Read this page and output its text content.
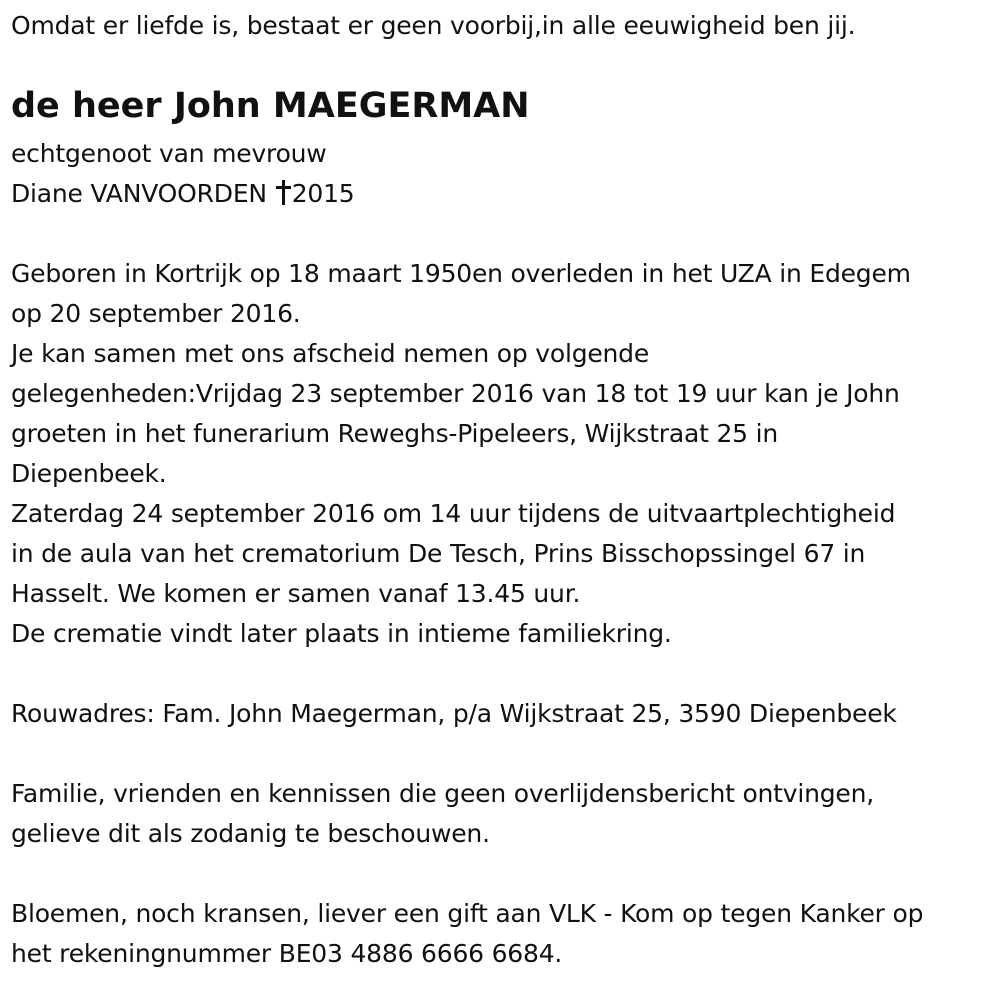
Omdat er liefde is, bestaat er geen voorbij,in alle eeuwigheid ben jij.
de heer John MAEGERMAN
echtgenoot van mevrouw
Diane VANVOORDEN 2015
Geboren in Kortrijk op 18 maart 1950en overleden in het UZA in Edegem
op 20 september 2016.
Je kan samen met ons afscheid nemen op volgende
gelegenheden:Vrijdag 23 september 2016 van 18 tot 19 uur kan je John
groeten in het funerarium Reweghs-Pipeleers, Wijkstraat 25 in
Diepenbeek.
Zaterdag 24 september 2016 om 14 uur tijdens de uitvaartplechtigheid
in de aula van het crematorium De Tesch, Prins Bisschopssingel 67 in
Hasselt. We komen er samen vanaf 13.45 uur.
De crematie vindt later plaats in intieme familiekring.
Rouwadres: Fam. John Maegerman, p/a Wijkstraat 25, 3590 Diepenbeek
Familie, vrienden en kennissen die geen overlijdensbericht ontvingen,
gelieve dit als zodanig te beschouwen.
Bloemen, noch kransen, liever een gift aan VLK - Kom op tegen Kanker op
het rekeningnummer BE03 4886 6666 6684.
